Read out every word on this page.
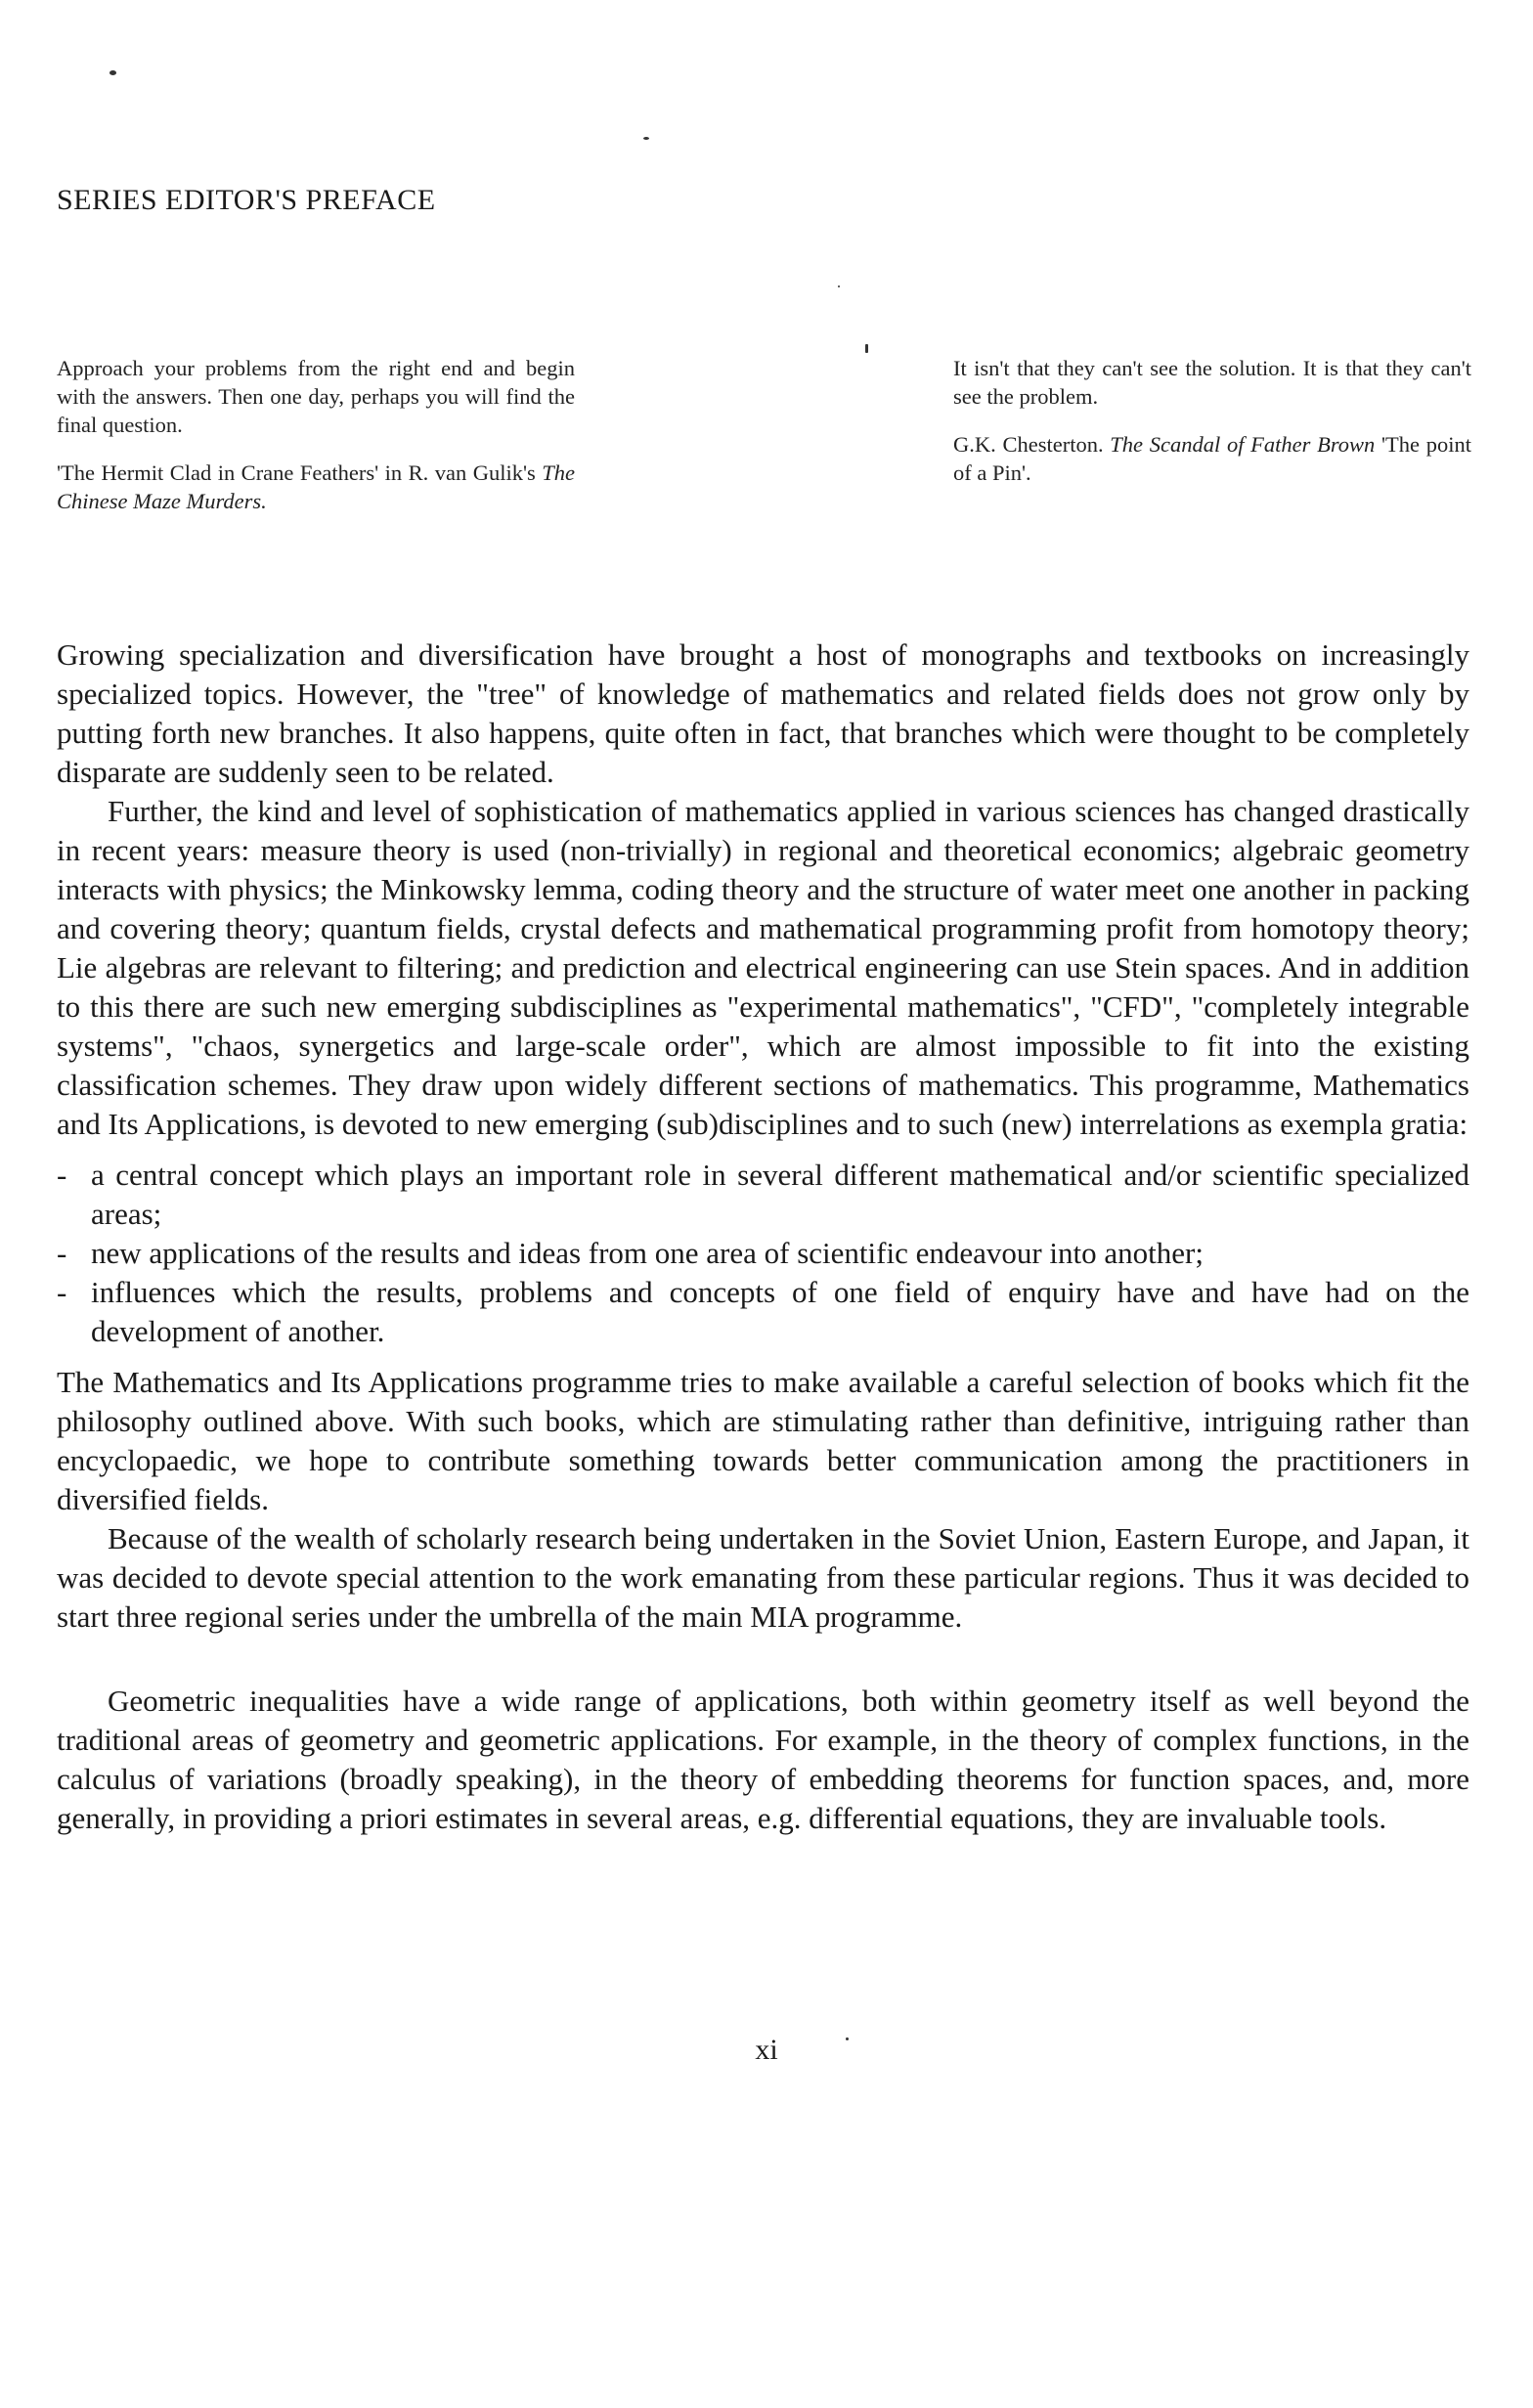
SERIES EDITOR'S PREFACE

Approach your problems from the right end and begin with the answers. Then one day, perhaps you will find the final question.

'The Hermit Clad in Crane Feathers' in R. van Gulik's The Chinese Maze Murders.

It isn't that they can't see the solution. It is that they can't see the problem.

G.K. Chesterton. The Scandal of Father Brown 'The point of a Pin'.

Growing specialization and diversification have brought a host of monographs and textbooks on increasingly specialized topics. However, the "tree" of knowledge of mathematics and related fields does not grow only by putting forth new branches. It also happens, quite often in fact, that branches which were thought to be completely disparate are suddenly seen to be related.

Further, the kind and level of sophistication of mathematics applied in various sciences has changed drastically in recent years: measure theory is used (non-trivially) in regional and theoretical economics; algebraic geometry interacts with physics; the Minkowsky lemma, coding theory and the structure of water meet one another in packing and covering theory; quantum fields, crystal defects and mathematical programming profit from homotopy theory; Lie algebras are relevant to filtering; and prediction and electrical engineering can use Stein spaces. And in addition to this there are such new emerging subdisciplines as "experimental mathematics", "CFD", "completely integrable systems", "chaos, synergetics and large-scale order", which are almost impossible to fit into the existing classification schemes. They draw upon widely different sections of mathematics. This programme, Mathematics and Its Applications, is devoted to new emerging (sub)disciplines and to such (new) interrelations as exempla gratia:

- a central concept which plays an important role in several different mathematical and/or scientific specialized areas;
- new applications of the results and ideas from one area of scientific endeavour into another;
- influences which the results, problems and concepts of one field of enquiry have and have had on the development of another.

The Mathematics and Its Applications programme tries to make available a careful selection of books which fit the philosophy outlined above. With such books, which are stimulating rather than definitive, intriguing rather than encyclopaedic, we hope to contribute something towards better communication among the practitioners in diversified fields.

Because of the wealth of scholarly research being undertaken in the Soviet Union, Eastern Europe, and Japan, it was decided to devote special attention to the work emanating from these particular regions. Thus it was decided to start three regional series under the umbrella of the main MIA programme.

Geometric inequalities have a wide range of applications, both within geometry itself as well beyond the traditional areas of geometry and geometric applications. For example, in the theory of complex functions, in the calculus of variations (broadly speaking), in the theory of embedding theorems for function spaces, and, more generally, in providing a priori estimates in several areas, e.g. differential equations, they are invaluable tools.

xi
